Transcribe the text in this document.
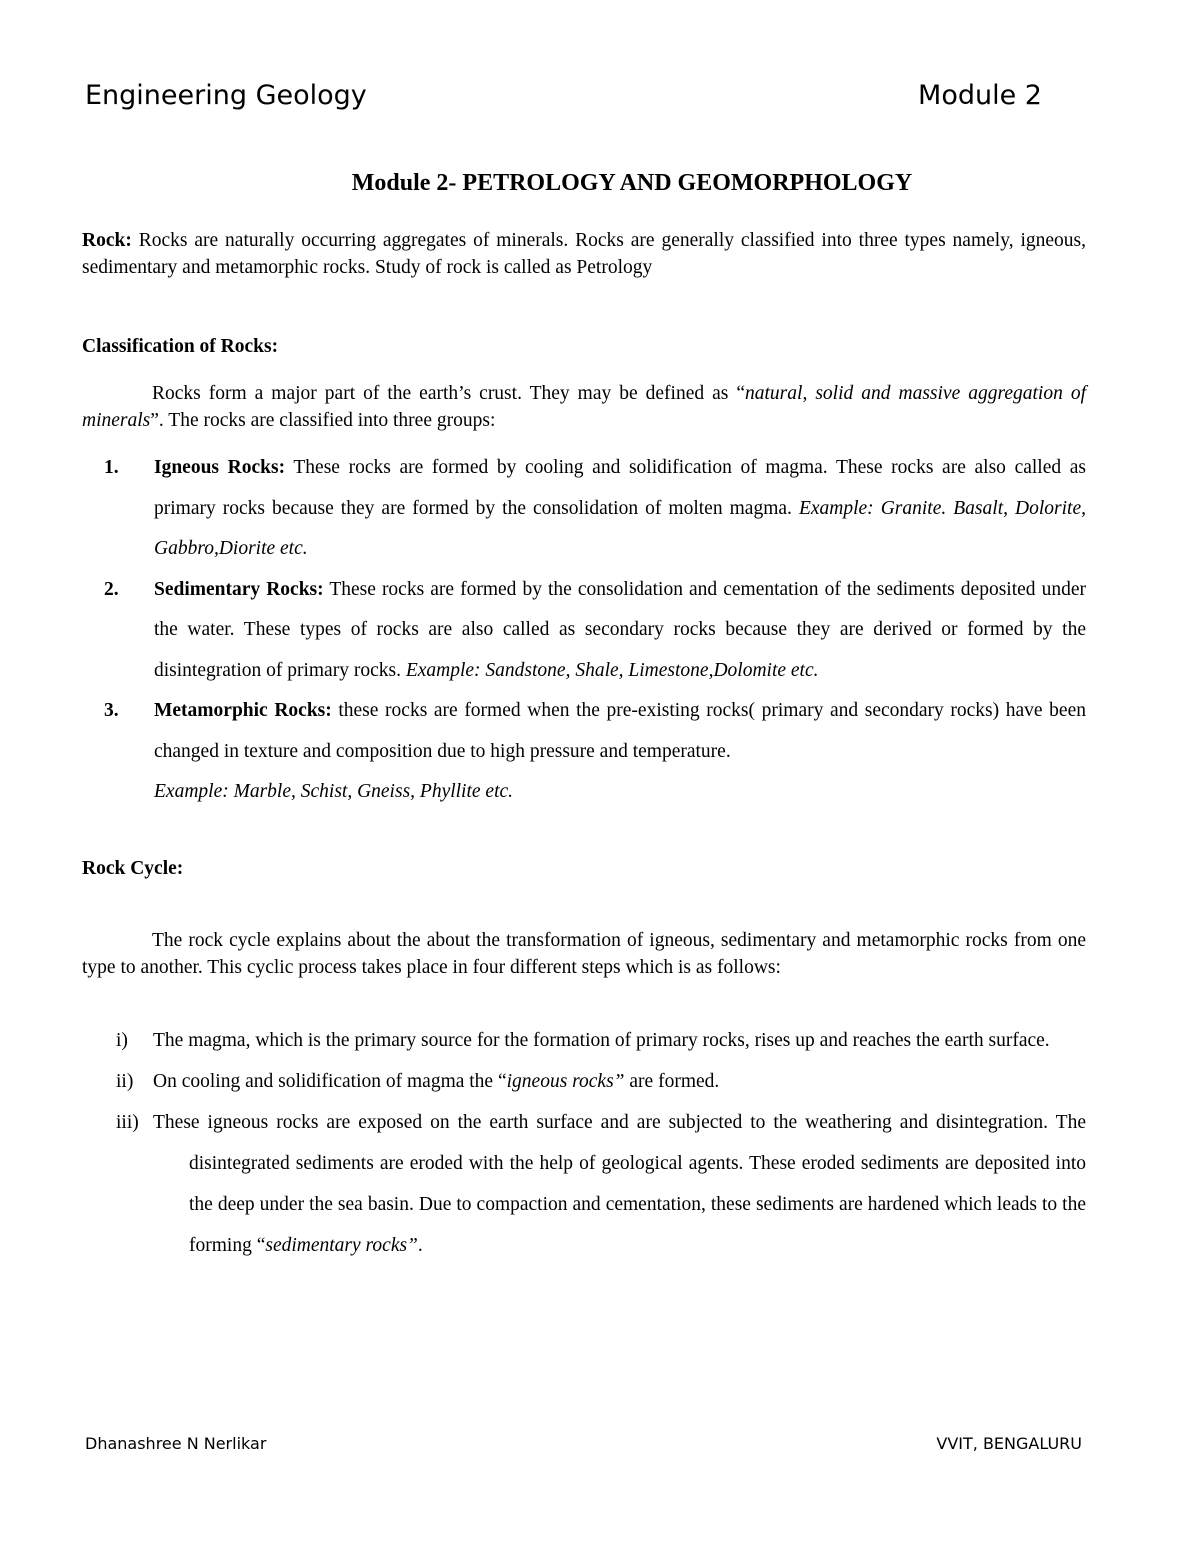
Engineering Geology	Module 2
Module 2- PETROLOGY AND GEOMORPHOLOGY
Rock: Rocks are naturally occurring aggregates of minerals. Rocks are generally classified into three types namely, igneous, sedimentary and metamorphic rocks. Study of rock is called as Petrology
Classification of Rocks:
Rocks form a major part of the earth’s crust. They may be defined as “natural, solid and massive aggregation of minerals”. The rocks are classified into three groups:
1. Igneous Rocks: These rocks are formed by cooling and solidification of magma. These rocks are also called as primary rocks because they are formed by the consolidation of molten magma. Example: Granite. Basalt, Dolorite, Gabbro,Diorite etc.
2. Sedimentary Rocks: These rocks are formed by the consolidation and cementation of the sediments deposited under the water. These types of rocks are also called as secondary rocks because they are derived or formed by the disintegration of primary rocks. Example: Sandstone, Shale, Limestone,Dolomite etc.
3. Metamorphic Rocks: these rocks are formed when the pre-existing rocks( primary and secondary rocks) have been changed in texture and composition due to high pressure and temperature.
Example: Marble, Schist, Gneiss, Phyllite etc.
Rock Cycle:
The rock cycle explains about the about the transformation of igneous, sedimentary and metamorphic rocks from one type to another. This cyclic process takes place in four different steps which is as follows:
i) The magma, which is the primary source for the formation of primary rocks, rises up and reaches the earth surface.
ii) On cooling and solidification of magma the “igneous rocks” are formed.
iii) These igneous rocks are exposed on the earth surface and are subjected to the weathering and disintegration. The disintegrated sediments are eroded with the help of geological agents. These eroded sediments are deposited into the deep under the sea basin. Due to compaction and cementation, these sediments are hardened which leads to the forming “sedimentary rocks”.
Dhanashree N Nerlikar	VVIT, BENGALURU
